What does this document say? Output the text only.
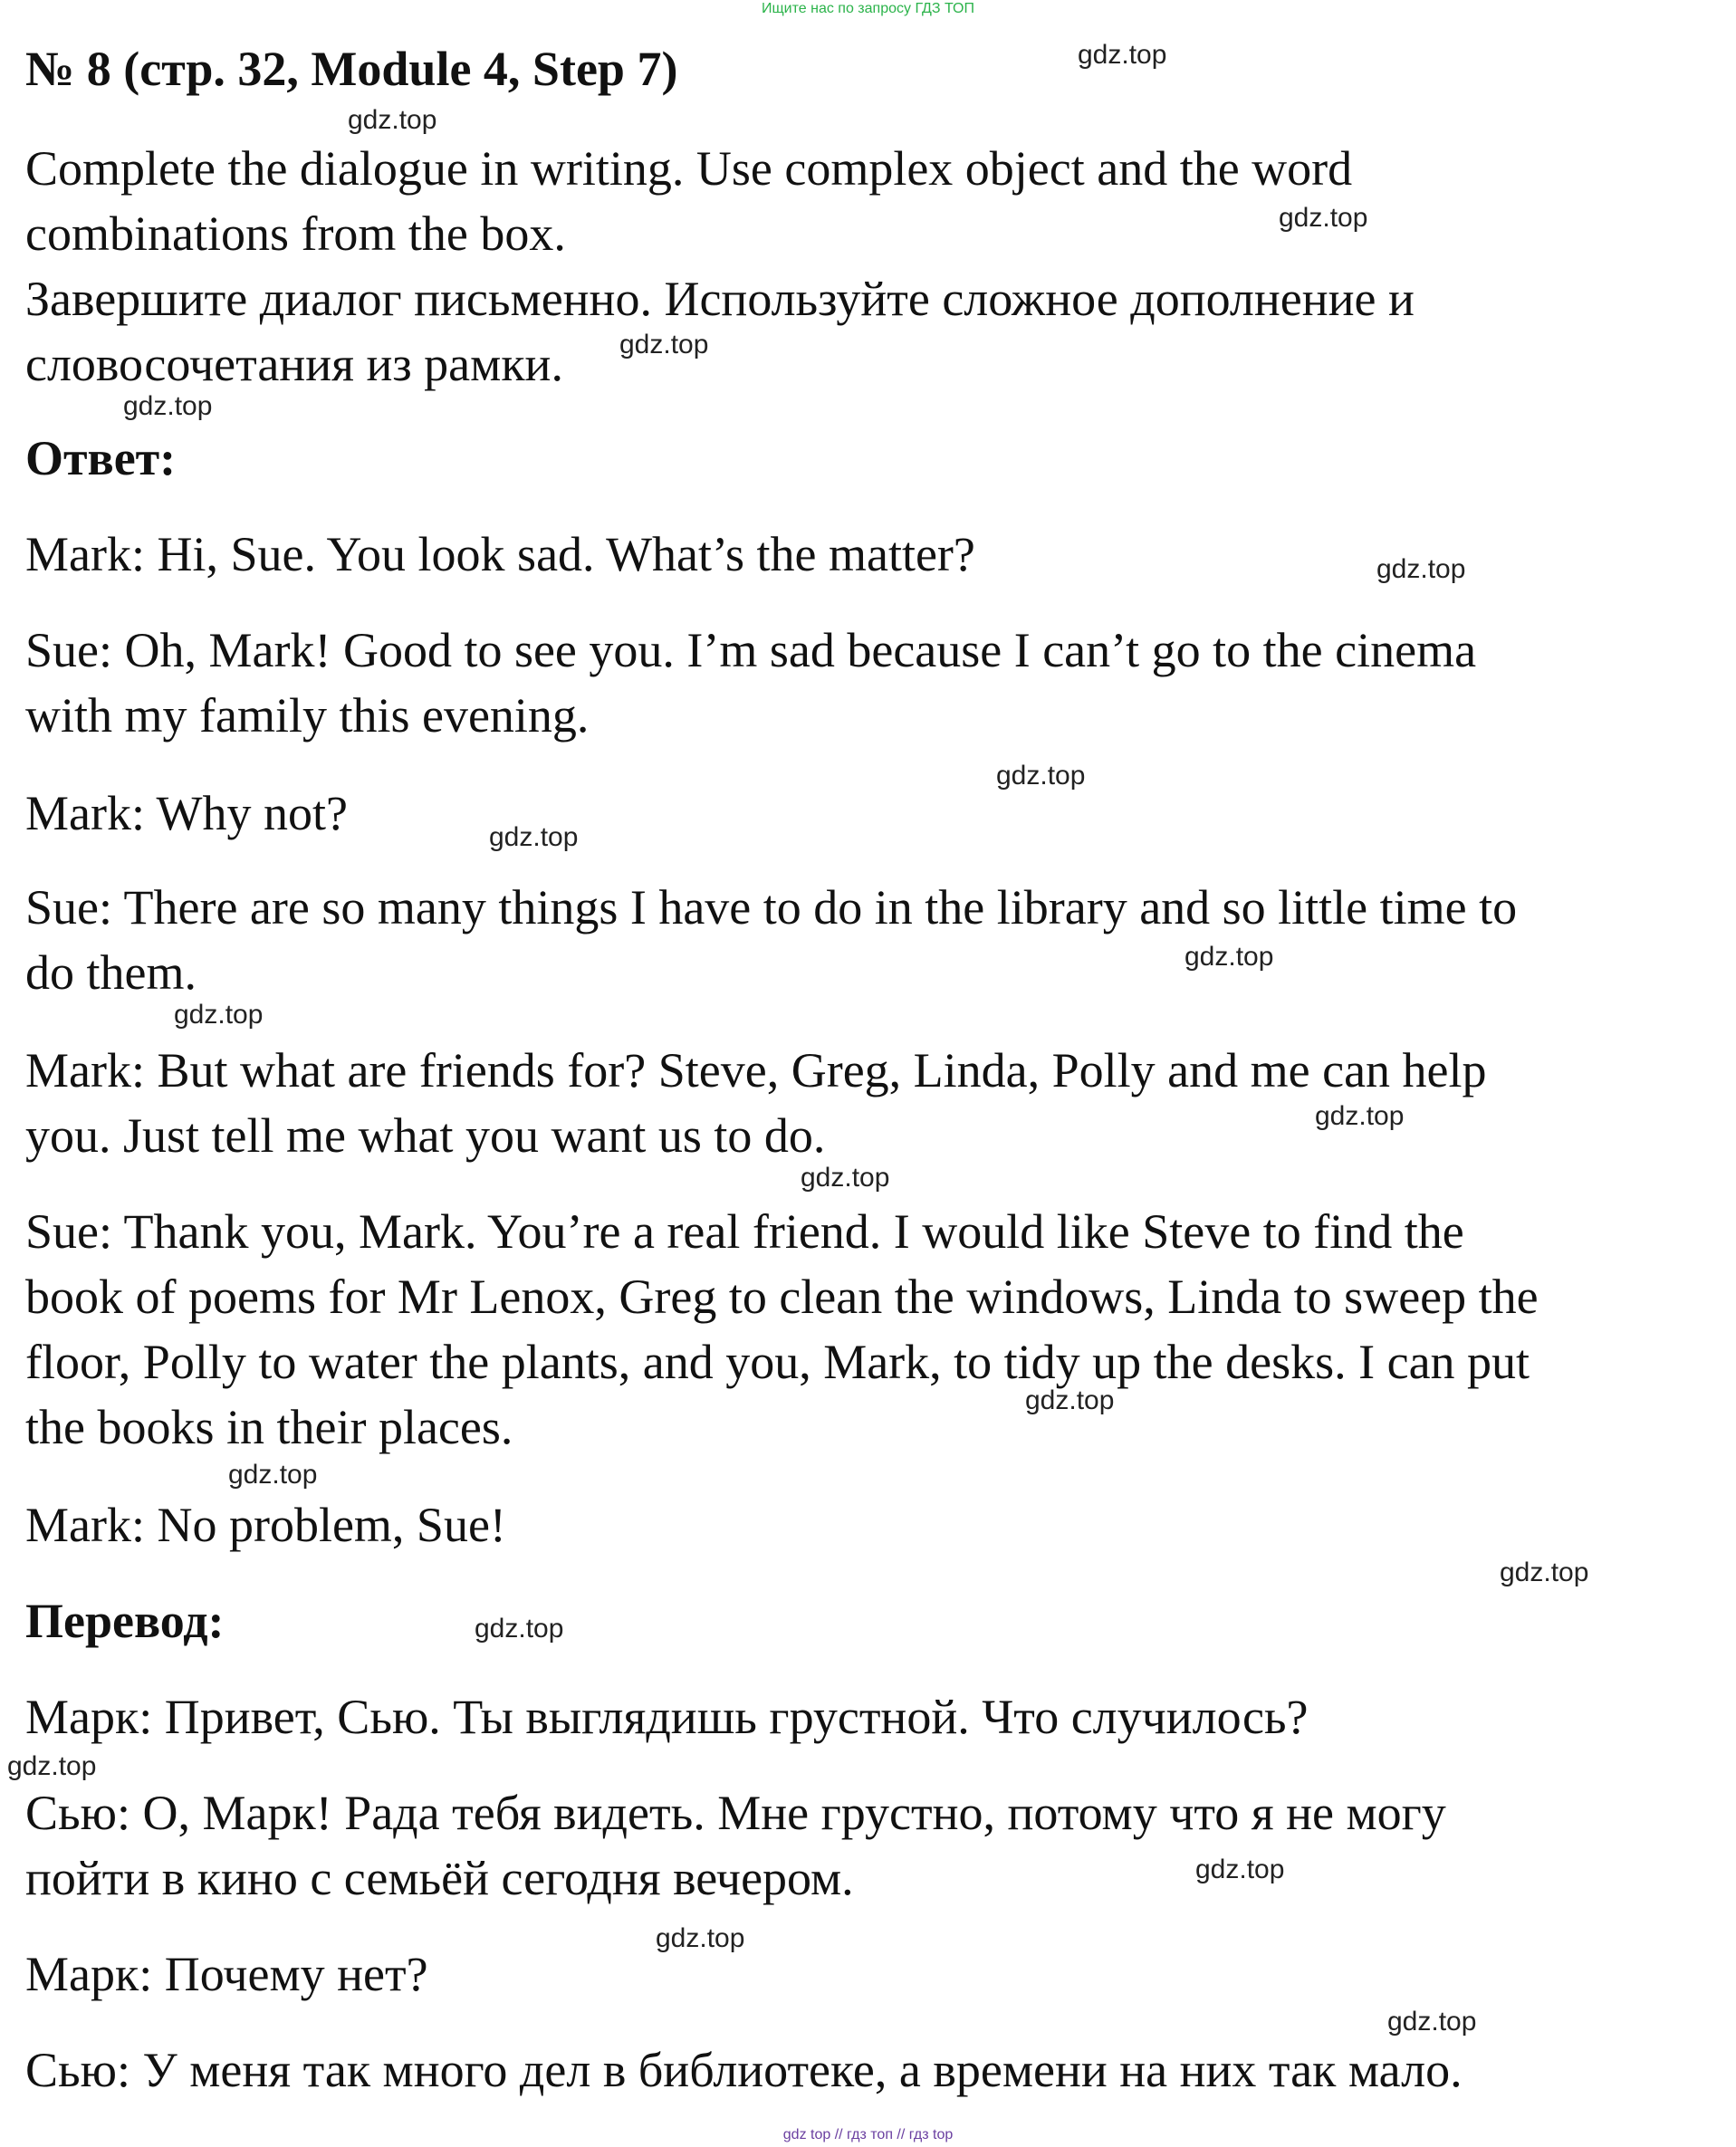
Ищите нас по запросу ГДЗ ТОП
№ 8 (стр. 32, Module 4, Step 7)
Complete the dialogue in writing. Use complex object and the word
combinations from the box.
Завершите диалог письменно. Используйте сложное дополнение и
словосочетания из рамки.
Ответ:
Mark: Hi, Sue. You look sad. What’s the matter?
Sue: Oh, Mark! Good to see you. I’m sad because I can’t go to the cinema
with my family this evening.
Mark: Why not?
Sue: There are so many things I have to do in the library and so little time to
do them.
Mark: But what are friends for? Steve, Greg, Linda, Polly and me can help
you. Just tell me what you want us to do.
Sue: Thank you, Mark. You’re a real friend. I would like Steve to find the
book of poems for Mr Lenox, Greg to clean the windows, Linda to sweep the
floor, Polly to water the plants, and you, Mark, to tidy up the desks. I can put
the books in their places.
Mark: No problem, Sue!
Перевод:
Марк: Привет, Сью. Ты выглядишь грустной. Что случилось?
Сью: О, Марк! Рада тебя видеть. Мне грустно, потому что я не могу
пойти в кино с семьёй сегодня вечером.
Марк: Почему нет?
Сью: У меня так много дел в библиотеке, а времени на них так мало.
gdz.top
gdz.top
gdz.top
gdz.top
gdz.top
gdz.top
gdz.top
gdz.top
gdz.top
gdz.top
gdz.top
gdz.top
gdz.top
gdz.top
gdz.top
gdz.top
gdz.top
gdz.top
gdz.top
gdz.top
gdz top // гдз топ // гдз top
